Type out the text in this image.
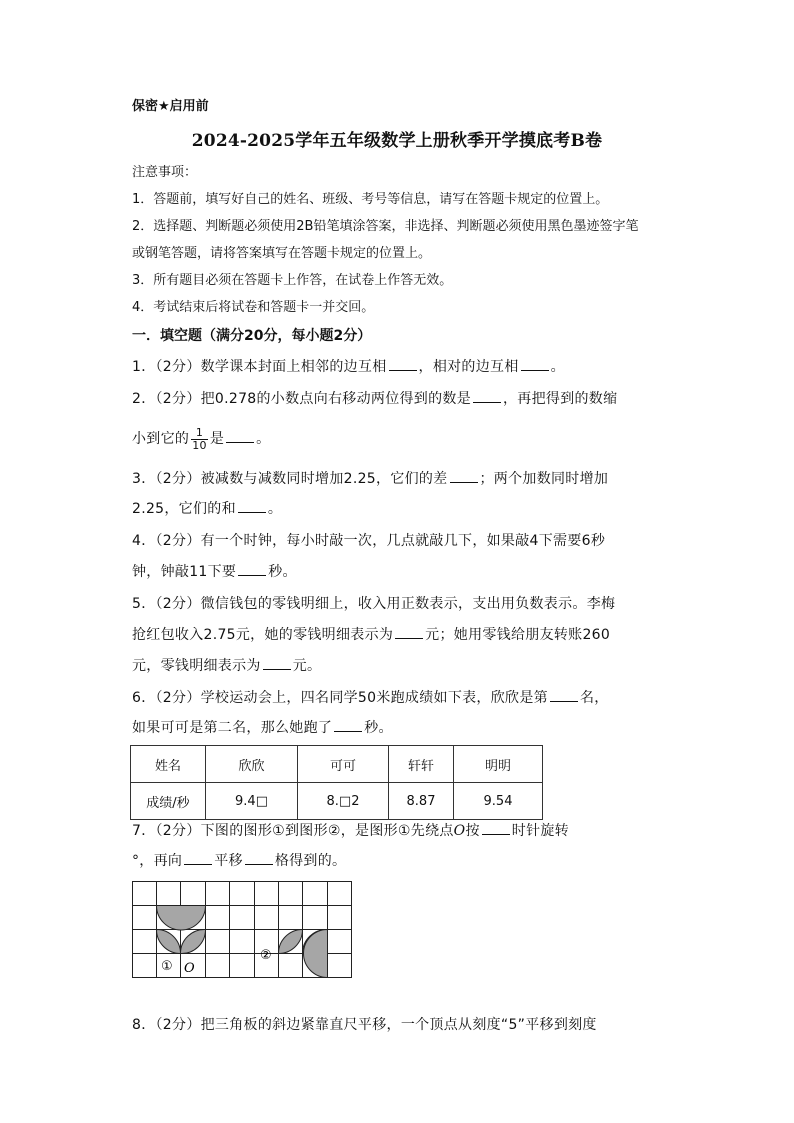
保密★启用前
2024-2025学年五年级数学上册秋季开学摸底考B卷
注意事项：
1．答题前，填写好自己的姓名、班级、考号等信息，请写在答题卡规定的位置上。
2．选择题、判断题必须使用2B铅笔填涂答案，非选择、判断题必须使用黑色墨迹签字笔
或钢笔答题，请将答案填写在答题卡规定的位置上。
3．所有题目必须在答题卡上作答，在试卷上作答无效。
4．考试结束后将试卷和答题卡一并交回。
一．填空题（满分20分，每小题2分）
1．（2分）数学课本封面上相邻的边互相 ，相对的边互相 。
2．（2分）把0.278的小数点向右移动两位得到的数是 ，再把得到的数缩
小到它的 $\frac{1}{10}$ 是 。
3．（2分）被减数与减数同时增加2.25，它们的差 ；两个加数同时增加
2.25，它们的和 。
4．（2分）有一个时钟，每小时敲一次，几点就敲几下，如果敲4下需要6秒
钟，钟敲11下要 秒。
5．（2分）微信钱包的零钱明细上，收入用正数表示，支出用负数表示。李梅
抢红包收入2.75元，她的零钱明细表示为 元；她用零钱给朋友转账260
元，零钱明细表示为 元。
6．（2分）学校运动会上，四名同学50米跑成绩如下表，欣欣是第 名，
如果可可是第二名，那么她跑了 秒。
姓名	欣欣	可可	轩轩	明明
成绩/秒	9.4□	8.□2	8.87	9.54
7．（2分）下图的图形①到图形②，是图形①先绕点O按 时针旋转
°，再向 平移 格得到的。
① O
②
8．（2分）把三角板的斜边紧靠直尺平移，一个顶点从刻度“5”平移到刻度
